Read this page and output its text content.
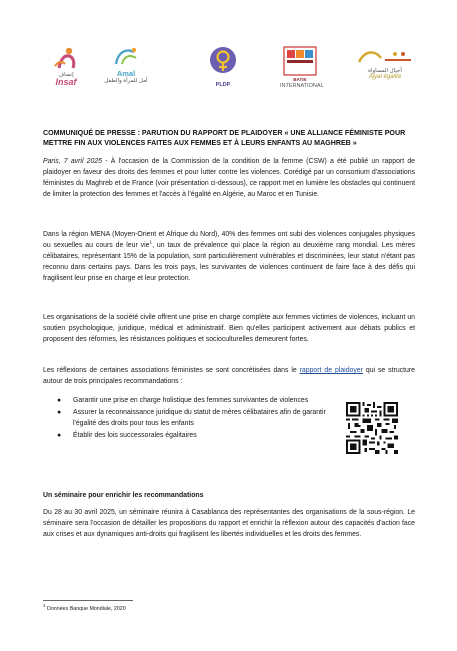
إنصاف
Insaf
Amal
أمل للمرأة والطفل
PLDP
BATIK
INTERNATIONAL
أجيال المساواة
Ajyal égalité
COMMUNIQUÉ DE PRESSE : PARUTION DU RAPPORT DE PLAIDOYER « UNE ALLIANCE FÉMINISTE POUR METTRE FIN AUX VIOLENCES FAITES AUX FEMMES ET À LEURS ENFANTS AU MAGHREB »

Paris, 7 avril 2025 - À l'occasion de la Commission de la condition de la femme (CSW) a été publié un rapport de plaidoyer en faveur des droits des femmes et pour lutter contre les violences. Corédigé par un consortium d'associations féministes du Maghreb et de France (voir présentation ci-dessous), ce rapport met en lumière les obstacles qui continuent de limiter la protection des femmes et l'accès à l'égalité en Algérie, au Maroc et en Tunisie.

Dans la région MENA (Moyen-Orient et Afrique du Nord), 40% des femmes ont subi des violences conjugales physiques ou sexuelles au cours de leur vie$^1$, un taux de prévalence qui place la région au deuxième rang mondial. Les mères célibataires, représentant 15% de la population, sont particulièrement vulnérables et discriminées, leur statut n'étant pas reconnu dans certains pays. Dans les trois pays, les survivantes de violences continuent de faire face à des défis qui fragilisent leur prise en charge et leur protection.

Les organisations de la société civile offrent une prise en charge complète aux femmes victimes de violences, incluant un soutien psychologique, juridique, médical et administratif. Bien qu'elles participent activement aux débats publics et proposent des réformes, les résistances politiques et socioculturelles demeurent fortes.

Les réflexions de certaines associations féministes se sont concrétisées dans le rapport de plaidoyer qui se structure autour de trois principales recommandations :

● Garantir une prise en charge holistique des femmes survivantes de violences
● Assurer la reconnaissance juridique du statut de mères célibataires afin de garantir l'égalité des droits pour tous les enfants
● Établir des lois successorales égalitaires
Un séminaire pour enrichir les recommandations

Du 28 au 30 avril 2025, un séminaire réunira à Casablanca des représentantes des organisations de la sous-région. Le séminaire sera l'occasion de détailler les propositions du rapport et enrichir la réflexion autour des capacités d'action face aux crises et aux dynamiques anti-droits qui fragilisent les libertés individuelles et les droits des femmes.

$^1$ Données Banque Mondiale, 2020
